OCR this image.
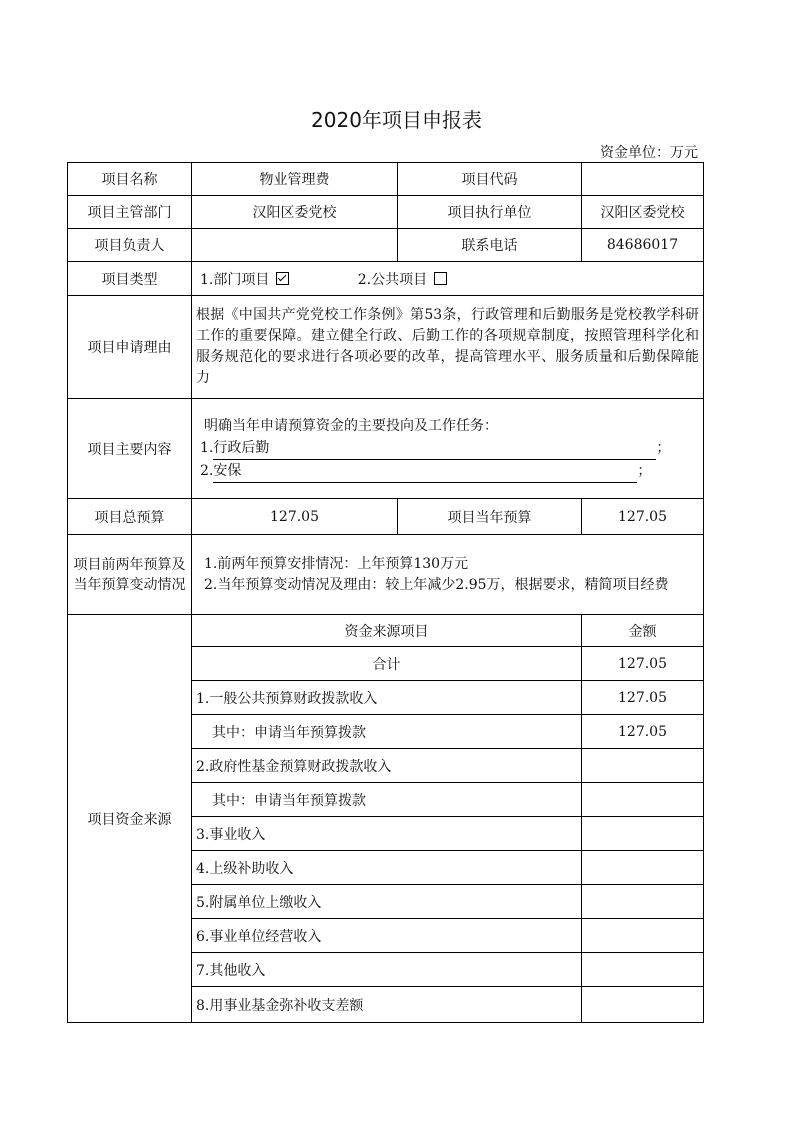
2020年项目申报表
资金单位：万元
项目名称	物业管理费	项目代码	
项目主管部门	汉阳区委党校	项目执行单位	汉阳区委党校
项目负责人		联系电话	84686017
项目类型	1.部门项目 2.公共项目		
项目申请理由	根据《中国共产党党校工作条例》第53条，行政管理和后勤服务是党校教学科研工作的重要保障。建立健全行政、后勤工作的各项规章制度，按照管理科学化和服务规范化的要求进行各项必要的改革，提高管理水平、服务质量和后勤保障能力		
项目主要内容	明确当年申请预算资金的主要投向及工作任务：
1.行政后勤 ；
2.安保 ；		

项目总预算	127.05	项目当年预算	127.05
项目前两年预算及当年预算变动情况	1.前两年预算安排情况：上年预算130万元
2.当年预算变动情况及理由：较上年减少2.95万，根据要求，精简项目经费		

项目资金来源	资金来源项目		金额
	合计		127.05
	1.一般公共预算财政拨款收入		127.05
	其中：申请当年预算拨款		127.05
	2.政府性基金预算财政拨款收入		
	其中：申请当年预算拨款		
	3.事业收入		
	4.上级补助收入		
	5.附属单位上缴收入		
	6.事业单位经营收入		
	7.其他收入		
	8.用事业基金弥补收支差额		
